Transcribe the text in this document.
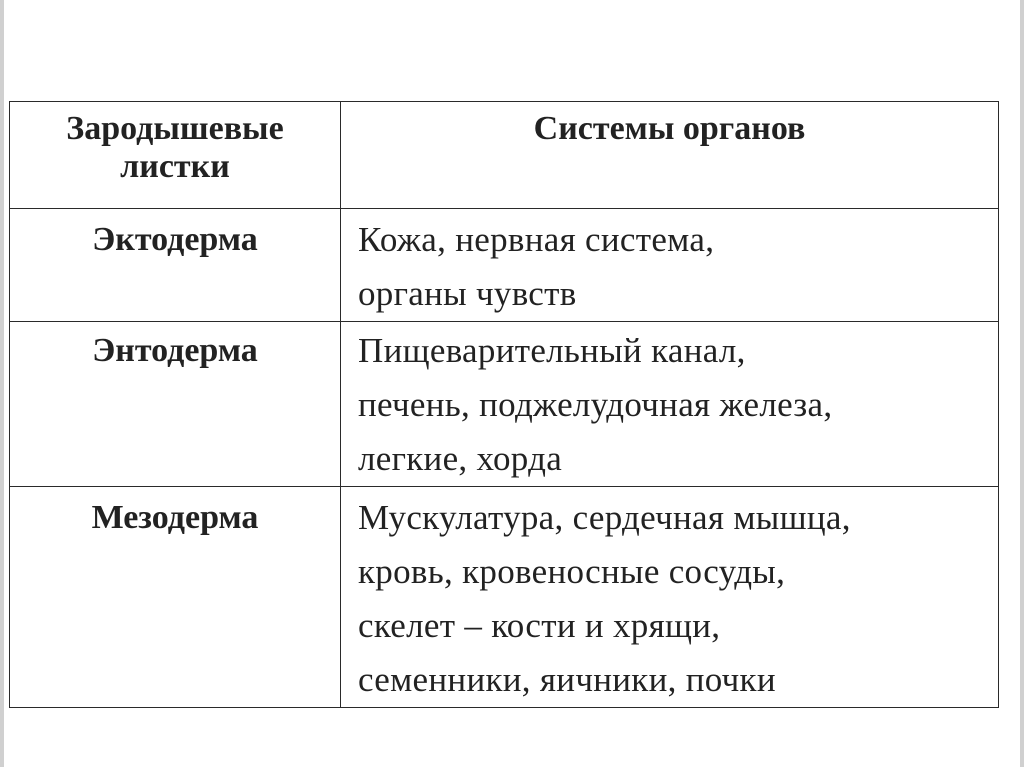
Зародышевые
листки	Системы органов

Эктодерма	Кожа, нервная система,
органы чувств

Энтодерма	Пищеварительный канал,
печень, поджелудочная железа,
легкие, хорда

Мезодерма	Мускулатура, сердечная мышца,
кровь, кровеносные сосуды,
скелет – кости и хрящи,
семенники, яичники, почки
